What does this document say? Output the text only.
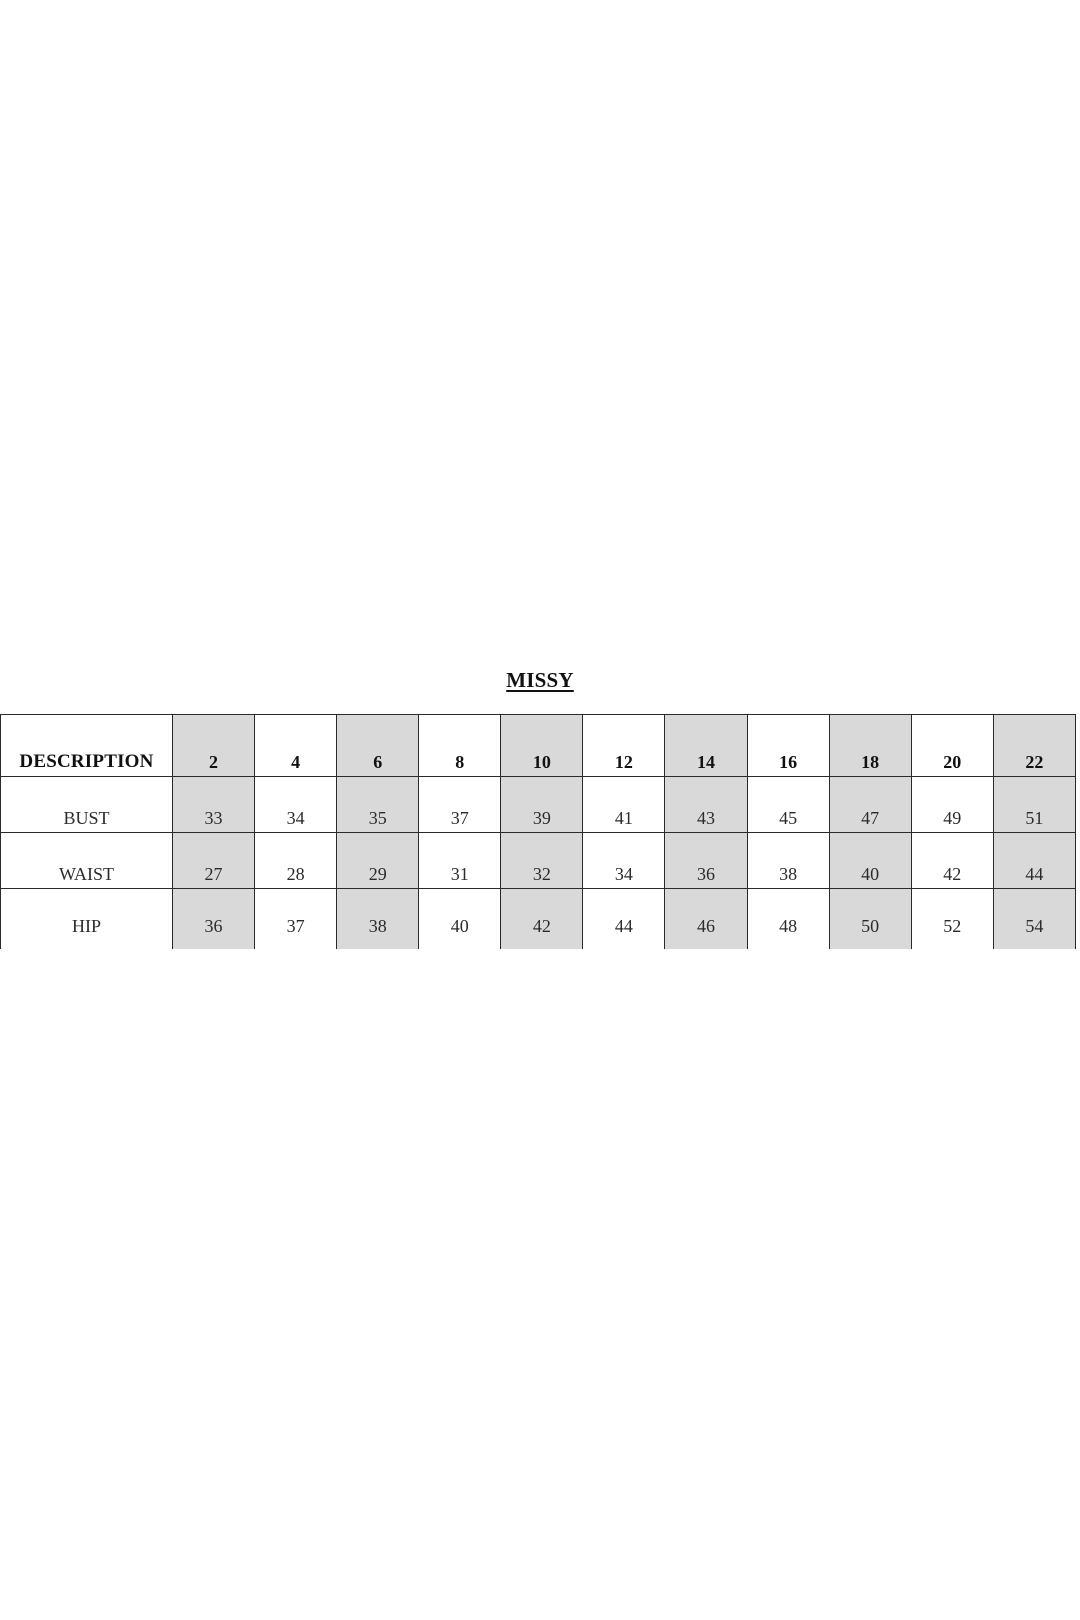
MISSY
DESCRIPTION	2	4	6	8	10	12	14	16	18	20	22
BUST	33	34	35	37	39	41	43	45	47	49	51
WAIST	27	28	29	31	32	34	36	38	40	42	44
HIP	36	37	38	40	42	44	46	48	50	52	54
